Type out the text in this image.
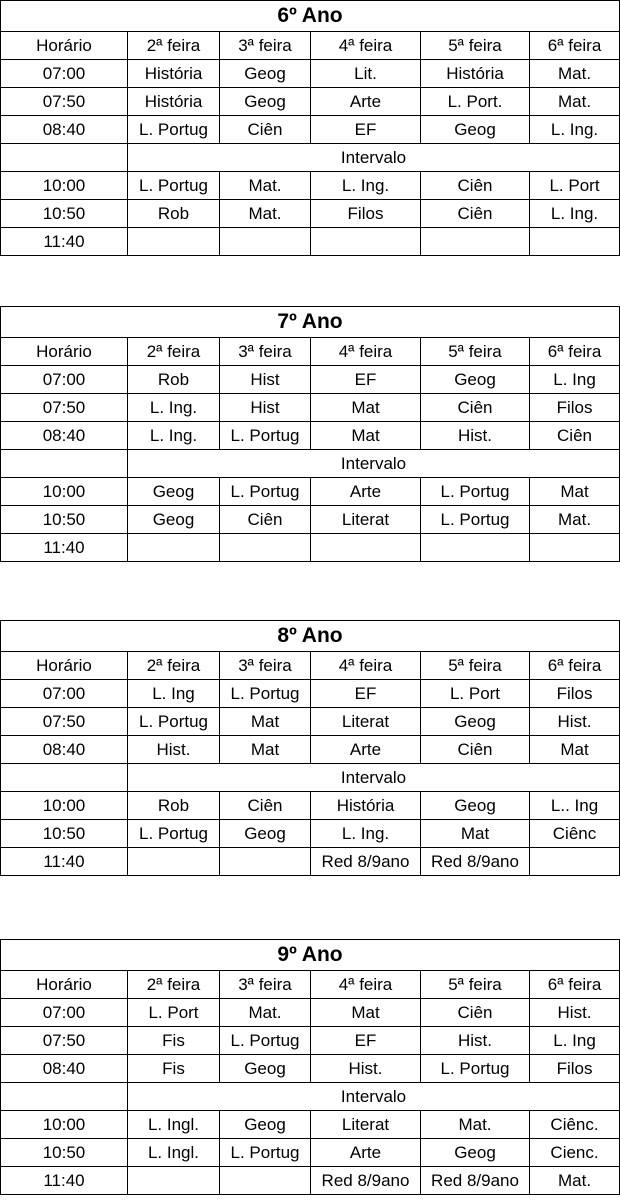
6º Ano					
Horário	2ª feira	3ª feira	4ª feira	5ª feira	6ª feira
07:00	História	Geog	Lit.	História	Mat.
07:50	História	Geog	Arte	L. Port.	Mat.
08:40	L. Portug	Ciên	EF	Geog	L. Ing.
	Intervalo				
10:00	L. Portug	Mat.	L. Ing.	Ciên	L. Port
10:50	Rob	Mat.	Filos	Ciên	L. Ing.
11:40					
7º Ano					
Horário	2ª feira	3ª feira	4ª feira	5ª feira	6ª feira
07:00	Rob	Hist	EF	Geog	L. Ing
07:50	L. Ing.	Hist	Mat	Ciên	Filos
08:40	L. Ing.	L. Portug	Mat	Hist.	Ciên
	Intervalo				
10:00	Geog	L. Portug	Arte	L. Portug	Mat
10:50	Geog	Ciên	Literat	L. Portug	Mat.
11:40					
8º Ano					
Horário	2ª feira	3ª feira	4ª feira	5ª feira	6ª feira
07:00	L. Ing	L. Portug	EF	L. Port	Filos
07:50	L. Portug	Mat	Literat	Geog	Hist.
08:40	Hist.	Mat	Arte	Ciên	Mat
	Intervalo				
10:00	Rob	Ciên	História	Geog	L.. Ing
10:50	L. Portug	Geog	L. Ing.	Mat	Ciênc
11:40			Red 8/9ano	Red 8/9ano	
9º Ano					
Horário	2ª feira	3ª feira	4ª feira	5ª feira	6ª feira
07:00	L. Port	Mat.	Mat	Ciên	Hist.
07:50	Fis	L. Portug	EF	Hist.	L. Ing
08:40	Fis	Geog	Hist.	L. Portug	Filos
	Intervalo				
10:00	L. Ingl.	Geog	Literat	Mat.	Ciênc.
10:50	L. Ingl.	L. Portug	Arte	Geog	Cienc.
11:40			Red 8/9ano	Red 8/9ano	Mat.
